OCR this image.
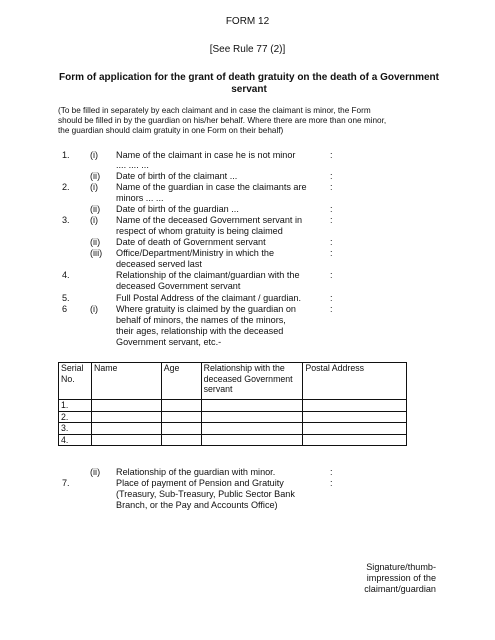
FORM 12
[See Rule 77 (2)]
Form of application for the grant of death gratuity on the death of a Government
servant
(To be filled in separately by each claimant and in case the claimant is minor, the Form
should be filled in by the guardian on his/her behalf. Where there are more than one minor,
the guardian should claim gratuity in one Form on their behalf)
1. (i) Name of the claimant in case he is not minor	:
.... .... ...
(ii) Date of birth of the claimant ...	:
2. (i) Name of the guardian in case the claimants are	:
minors ... ...
(ii) Date of birth of the guardian ...	:
3. (i) Name of the deceased Government servant in	:
respect of whom gratuity is being claimed
(ii) Date of death of Government servant	:
(iii) Office/Department/Ministry in which the	:
deceased served last
4.	Relationship of the claimant/guardian with the	:
deceased Government servant
5.	Full Postal Address of the claimant / guardian.	:
6	(i) Where gratuity is claimed by the guardian on	:
behalf of minors, the names of the minors,
their ages, relationship with the deceased
Government servant, etc.-
Serial No.	Name	Age	Relationship with the deceased Government servant	Postal Address
1.				
2.				
3.				
4.				
(ii) Relationship of the guardian with minor.	:
7.	Place of payment of Pension and Gratuity	:
(Treasury, Sub-Treasury, Public Sector Bank
Branch, or the Pay and Accounts Office)
Signature/thumb-
impression of the
claimant/guardian
